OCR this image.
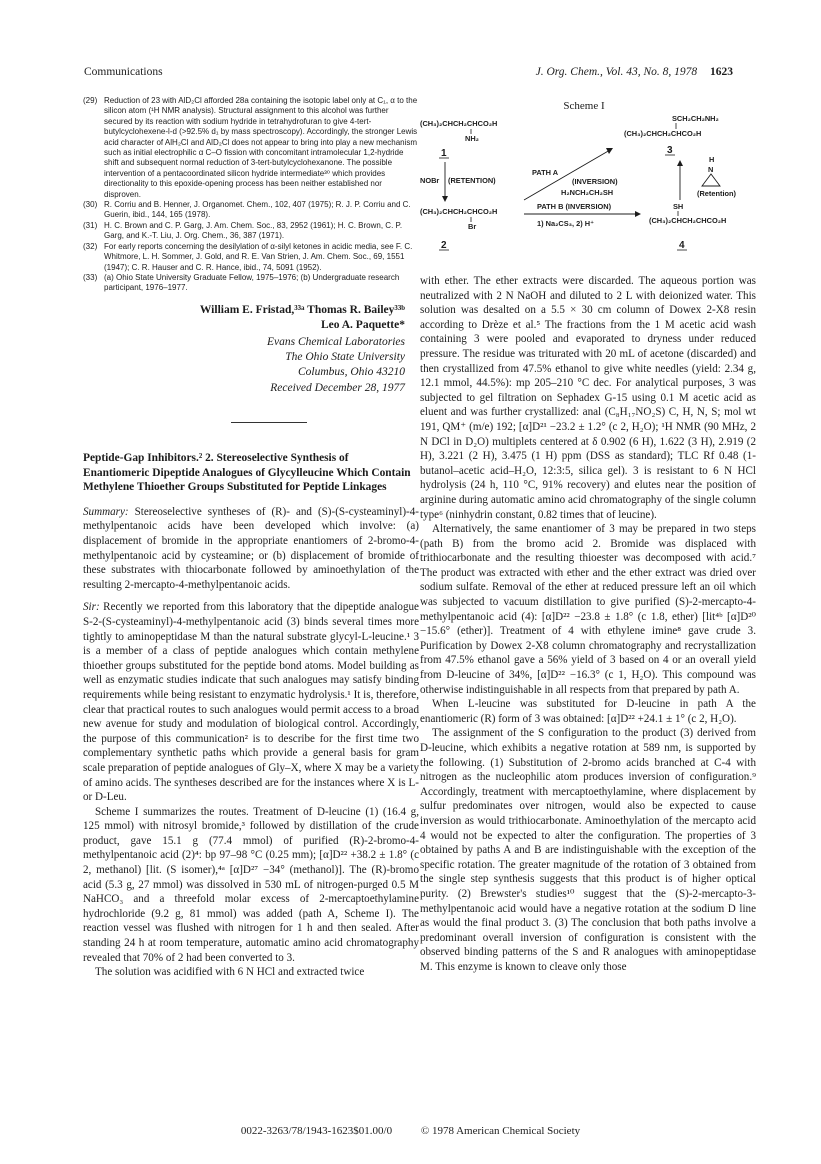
Communications	J. Org. Chem., Vol. 43, No. 8, 1978 1623

(29) Reduction of 23 with AlD₂Cl afforded 28a containing the isotopic label only at C₁, α to the silicon atom (¹H NMR analysis). Structural assignment to this alcohol was further secured by its reaction with sodium hydride in tetrahydrofuran to give 4-tert-butylcyclohexene-l-d (>92.5% d₁ by mass spectroscopy). Accordingly, the stronger Lewis acid character of AlH₂Cl and AlD₂Cl does not appear to bring into play a new mechanism such as initial electrophilic α C–O fission with concomitant intramolecular 1,2-hydride shift and subsequent normal reduction of 3-tert-butylcyclohexanone. The possible intervention of a pentacoordinated silicon hydride intermediate³⁰ which provides directionality to this epoxide-opening process has been neither established nor disproven.

(30) R. Corriu and B. Henner, J. Organomet. Chem., 102, 407 (1975); R. J. P. Corriu and C. Guerin, ibid., 144, 165 (1978).

(31) H. C. Brown and C. P. Garg, J. Am. Chem. Soc., 83, 2952 (1961); H. C. Brown, C. P. Garg, and K.-T. Liu, J. Org. Chem., 36, 387 (1971).

(32) For early reports concerning the desilylation of α-silyl ketones in acidic media, see F. C. Whitmore, L. H. Sommer, J. Gold, and R. E. Van Strien, J. Am. Chem. Soc., 69, 1551 (1947); C. R. Hauser and C. R. Hance, ibid., 74, 5091 (1952).

(33) (a) Ohio State University Graduate Fellow, 1975–1976; (b) Undergraduate research participant, 1976–1977.

William E. Fristad,³³ᵃ Thomas R. Bailey³³ᵇ
Leo A. Paquette*
Evans Chemical Laboratories
The Ohio State University
Columbus, Ohio 43210
Received December 28, 1977
Peptide-Gap Inhibitors.² 2. Stereoselective Synthesis of Enantiomeric Dipeptide Analogues of Glycylleucine Which Contain Methylene Thioether Groups Substituted for Peptide Linkages

Summary: Stereoselective syntheses of (R)- and (S)-(S-cysteaminyl)-4-methylpentanoic acids have been developed which involve: (a) displacement of bromide in the appropriate enantiomers of 2-bromo-4-methylpentanoic acid by cysteamine; or (b) displacement of bromide of these substrates with thiocarbonate followed by aminoethylation of the resulting 2-mercapto-4-methylpentanoic acids.

Sir: Recently we reported from this laboratory that the dipeptide analogue S-2-(S-cysteaminyl)-4-methylpentanoic acid (3) binds several times more tightly to aminopeptidase M than the natural substrate glycyl-L-leucine.¹ 3 is a member of a class of peptide analogues which contain methylene thioether groups substituted for the peptide bond atoms. Model building as well as enzymatic studies indicate that such analogues may satisfy binding requirements while being resistant to enzymatic hydrolysis.¹ It is, therefore, clear that practical routes to such analogues would permit access to a broad new avenue for study and modulation of biological control. Accordingly, the purpose of this communication² is to describe for the first time two complementary synthetic paths which provide a general basis for gram scale preparation of peptide analogues of Gly–X, where X may be a variety of amino acids. The syntheses described are for the instances where X is L- or D-Leu.

Scheme I summarizes the routes. Treatment of D-leucine (1) (16.4 g, 125 mmol) with nitrosyl bromide,³ followed by distillation of the crude product, gave 15.1 g (77.4 mmol) of purified (R)-2-bromo-4-methylpentanoic acid (2)⁴: bp 97–98 °C (0.25 mm); [α]D²² +38.2 ± 1.8° (c 2, methanol) [lit. (S isomer),⁴ᵃ [α]D²⁷ −34° (methanol)]. The (R)-bromo acid (5.3 g, 27 mmol) was dissolved in 530 mL of nitrogen-purged 0.5 M NaHCO₃ and a threefold molar excess of 2-mercaptoethylamine hydrochloride (9.2 g, 81 mmol) was added (path A, Scheme I). The reaction vessel was flushed with nitrogen for 1 h and then sealed. After standing 24 h at room temperature, automatic amino acid chromatography revealed that 70% of 2 had been converted to 3.

The solution was acidified with 6 N HCl and extracted twice

Scheme I
(CH₃)₂CHCH₂CHCO₂H
NH₂
1
NOBr (RETENTION)
(CH₃)₂CHCH₂CHCO₂H
Br
2
PATH A
(INVERSION)
H₂NCH₂CH₂SH
PATH B (INVERSION)
1) Na₂CS₃, 2) H⁺
SCH₂CH₂NH₂
(CH₃)₂CHCH₂CHCO₂H
3
H
N
(Retention)
SH
(CH₃)₂CHCH₂CHCO₂H
4

with ether. The ether extracts were discarded. The aqueous portion was neutralized with 2 N NaOH and diluted to 2 L with deionized water. This solution was desalted on a 5.5 × 30 cm column of Dowex 2-X8 resin according to Drèze et al.⁵ The fractions from the 1 M acetic acid wash containing 3 were pooled and evaporated to dryness under reduced pressure. The residue was triturated with 20 mL of acetone (discarded) and then crystallized from 47.5% ethanol to give white needles (yield: 2.34 g, 12.1 mmol, 44.5%): mp 205–210 °C dec. For analytical purposes, 3 was subjected to gel filtration on Sephadex G-15 using 0.1 M acetic acid as eluent and was further crystallized: anal (C₈H₁₇NO₂S) C, H, N, S; mol wt 191, QM⁺ (m/e) 192; [α]D²¹ −23.2 ± 1.2° (c 2, H₂O); ¹H NMR (90 MHz, 2 N DCl in D₂O) multiplets centered at δ 0.902 (6 H), 1.622 (3 H), 2.919 (2 H), 3.221 (2 H), 3.475 (1 H) ppm (DSS as standard); TLC Rf 0.48 (1-butanol–acetic acid–H₂O, 12:3:5, silica gel). 3 is resistant to 6 N HCl hydrolysis (24 h, 110 °C, 91% recovery) and elutes near the position of arginine during automatic amino acid chromatography of the single column type⁶ (ninhydrin constant, 0.82 times that of leucine).

Alternatively, the same enantiomer of 3 may be prepared in two steps (path B) from the bromo acid 2. Bromide was displaced with trithiocarbonate and the resulting thioester was decomposed with acid.⁷ The product was extracted with ether and the ether extract was dried over sodium sulfate. Removal of the ether at reduced pressure left an oil which was subjected to vacuum distillation to give purified (S)-2-mercapto-4-methylpentanoic acid (4): [α]D²² −23.8 ± 1.8° (c 1.8, ether) [lit⁴ᵇ [α]D²⁰ −15.6° (ether)]. Treatment of 4 with ethylene imine⁸ gave crude 3. Purification by Dowex 2-X8 column chromatography and recrystallization from 47.5% ethanol gave a 56% yield of 3 based on 4 or an overall yield from D-leucine of 34%, [α]D²² −16.3° (c 1, H₂O). This compound was otherwise indistinguishable in all respects from that prepared by path A.

When L-leucine was substituted for D-leucine in path A the enantiomeric (R) form of 3 was obtained: [α]D²² +24.1 ± 1° (c 2, H₂O).

The assignment of the S configuration to the product (3) derived from D-leucine, which exhibits a negative rotation at 589 nm, is supported by the following. (1) Substitution of 2-bromo acids branched at C-4 with nitrogen as the nucleophilic atom produces inversion of configuration.⁹ Accordingly, treatment with mercaptoethylamine, where displacement by sulfur predominates over nitrogen, would also be expected to cause inversion as would trithiocarbonate. Aminoethylation of the mercapto acid 4 would not be expected to alter the configuration. The properties of 3 obtained by paths A and B are indistinguishable with the exception of the specific rotation. The greater magnitude of the rotation of 3 obtained from the single step synthesis suggests that this product is of higher optical purity. (2) Brewster's studies¹⁰ suggest that the (S)-2-mercapto-3-methylpentanoic acid would have a negative rotation at the sodium D line as would the final product 3. (3) The conclusion that both paths involve a predominant overall inversion of configuration is consistent with the observed binding patterns of the S and R analogues with aminopeptidase M. This enzyme is known to cleave only those

0022-3263/78/1943-1623$01.00/0	© 1978 American Chemical Society
